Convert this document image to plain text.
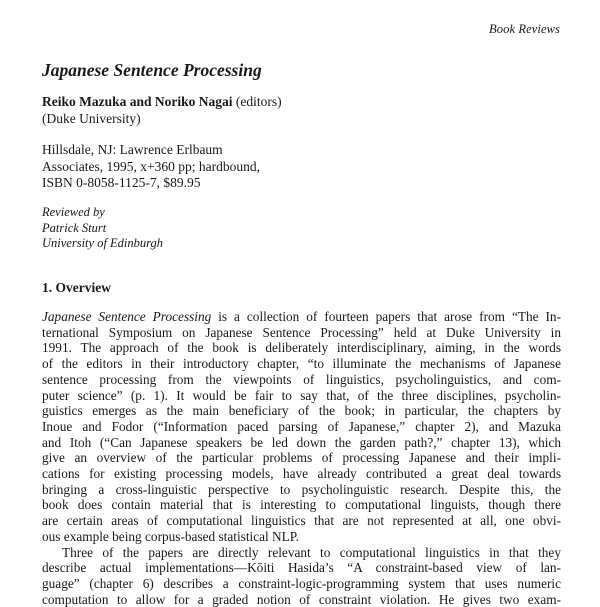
Book Reviews
Japanese Sentence Processing
Reiko Mazuka and Noriko Nagai (editors)
(Duke University)
Hillsdale, NJ: Lawrence Erlbaum
Associates, 1995, x+360 pp; hardbound,
ISBN 0-8058-1125-7, $89.95
Reviewed by
Patrick Sturt
University of Edinburgh
1. Overview
Japanese Sentence Processing is a collection of fourteen papers that arose from “The In-
ternational Symposium on Japanese Sentence Processing” held at Duke University in
1991. The approach of the book is deliberately interdisciplinary, aiming, in the words
of the editors in their introductory chapter, “to illuminate the mechanisms of Japanese
sentence processing from the viewpoints of linguistics, psycholinguistics, and com-
puter science” (p. 1). It would be fair to say that, of the three disciplines, psycholin-
guistics emerges as the main beneficiary of the book; in particular, the chapters by
Inoue and Fodor (“Information paced parsing of Japanese,” chapter 2), and Mazuka
and Itoh (“Can Japanese speakers be led down the garden path?,” chapter 13), which
give an overview of the particular problems of processing Japanese and their impli-
cations for existing processing models, have already contributed a great deal towards
bringing a cross-linguistic perspective to psycholinguistic research. Despite this, the
book does contain material that is interesting to computational linguists, though there
are certain areas of computational linguistics that are not represented at all, one obvi-
ous example being corpus-based statistical NLP.
Three of the papers are directly relevant to computational linguistics in that they
describe actual implementations—Kōiti Hasida’s “A constraint-based view of lan-
guage” (chapter 6) describes a constraint-logic-programming system that uses numeric
computation to allow for a graded notion of constraint violation. He gives two exam-
